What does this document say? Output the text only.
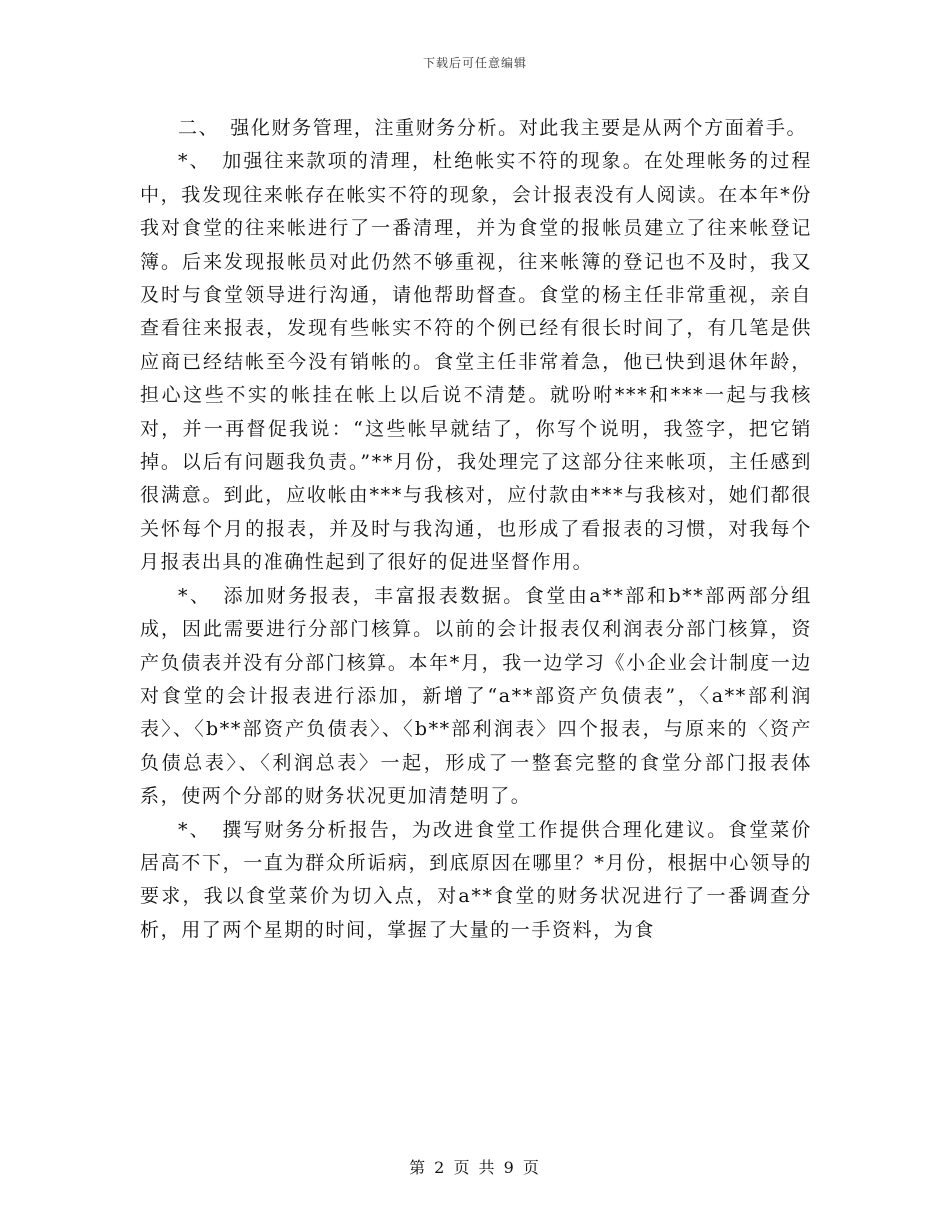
下载后可任意编辑

二、　强化财务管理，注重财务分析。对此我主要是从两个方面着手。

*、　加强往来款项的清理，杜绝帐实不符的现象。在处理帐务的过程中，我发现往来帐存在帐实不符的现象，会计报表没有人阅读。在本年*份我对食堂的往来帐进行了一番清理，并为食堂的报帐员建立了往来帐登记簿。后来发现报帐员对此仍然不够重视，往来帐簿的登记也不及时，我又及时与食堂领导进行沟通，请他帮助督查。食堂的杨主任非常重视，亲自查看往来报表，发现有些帐实不符的个例已经有很长时间了，有几笔是供应商已经结帐至今没有销帐的。食堂主任非常着急，他已快到退休年龄，担心这些不实的帐挂在帐上以后说不清楚。就吩咐***和***一起与我核对，并一再督促我说：“这些帐早就结了，你写个说明，我签字，把它销掉。以后有问题我负责。”**月份，我处理完了这部分往来帐项，主任感到很满意。到此，应收帐由***与我核对，应付款由***与我核对，她们都很关怀每个月的报表，并及时与我沟通，也形成了看报表的习惯，对我每个月报表出具的准确性起到了很好的促进坚督作用。

*、　添加财务报表，丰富报表数据。食堂由a**部和b**部两部分组成，因此需要进行分部门核算。以前的会计报表仅利润表分部门核算，资产负债表并没有分部门核算。本年*月，我一边学习《小企业会计制度一边对食堂的会计报表进行添加，新增了“a**部资产负债表”，〈a**部利润表〉、〈b**部资产负债表〉、〈b**部利润表〉四个报表，与原来的〈资产负债总表〉、〈利润总表〉一起，形成了一整套完整的食堂分部门报表体系，使两个分部的财务状况更加清楚明了。

*、　撰写财务分析报告，为改进食堂工作提供合理化建议。食堂菜价居高不下，一直为群众所诟病，到底原因在哪里？*月份，根据中心领导的要求，我以食堂菜价为切入点，对a**食堂的财务状况进行了一番调查分析，用了两个星期的时间，掌握了大量的一手资料，为食

第 2 页 共 9 页
